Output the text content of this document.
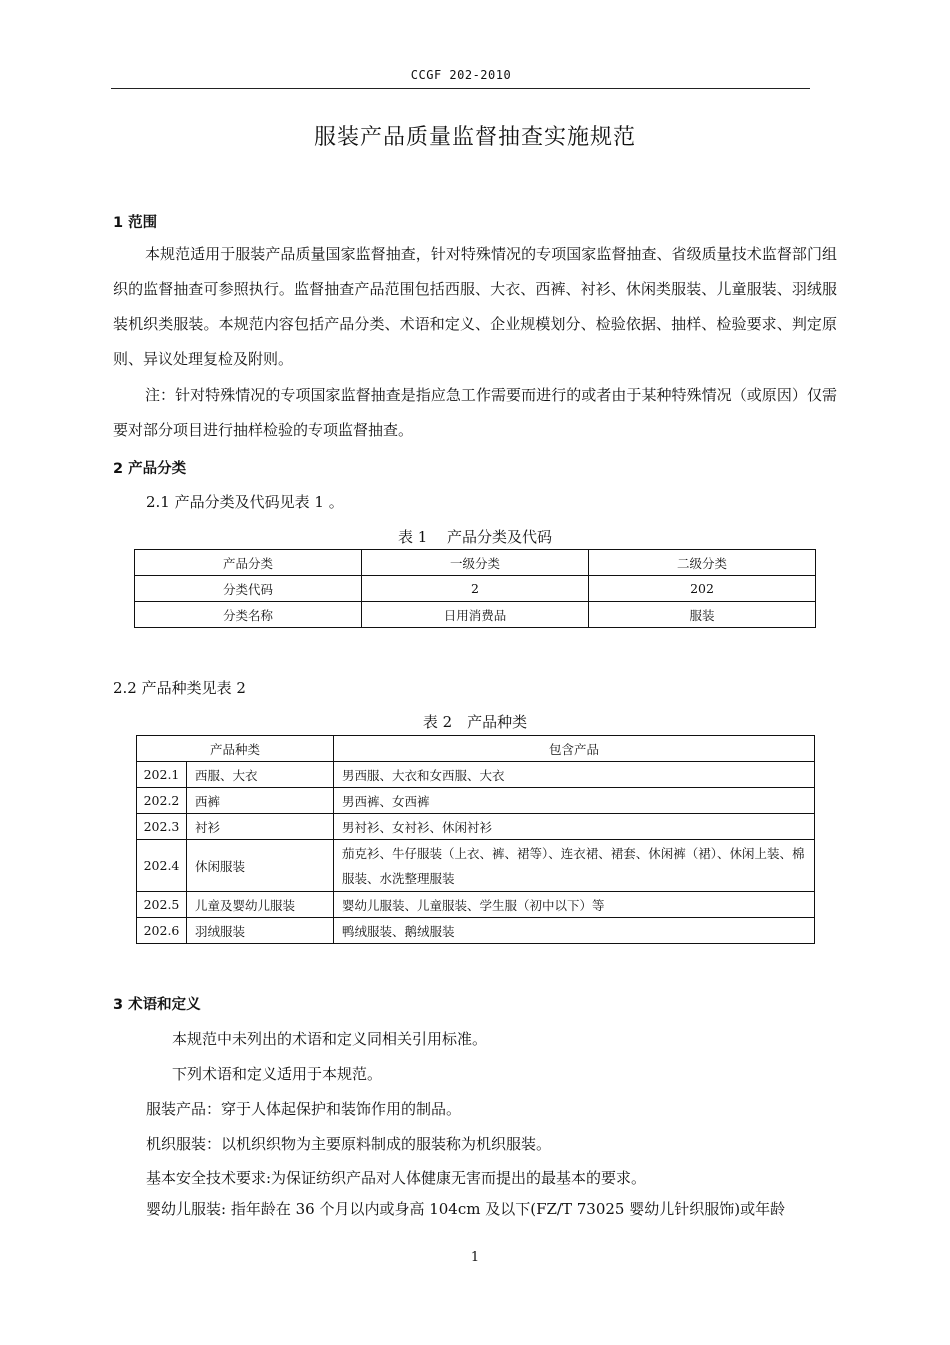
CCGF 202-2010
服装产品质量监督抽查实施规范
1 范围
本规范适用于服装产品质量国家监督抽查，针对特殊情况的专项国家监督抽查、省级质量技术监督部门组织的监督抽查可参照执行。监督抽查产品范围包括西服、大衣、西裤、衬衫、休闲类服装、儿童服装、羽绒服装机织类服装。本规范内容包括产品分类、术语和定义、企业规模划分、检验依据、抽样、检验要求、判定原则、异议处理复检及附则。
注：针对特殊情况的专项国家监督抽查是指应急工作需要而进行的或者由于某种特殊情况（或原因）仅需要对部分项目进行抽样检验的专项监督抽查。
2 产品分类
2.1 产品分类及代码见表 1 。
表 1　 产品分类及代码
产品分类	一级分类	二级分类
分类代码	2	202
分类名称	日用消费品	服装
2.2 产品种类见表 2
表 2　产品种类
产品种类		包含产品
202.1	西服、大衣	男西服、大衣和女西服、大衣
202.2	西裤	男西裤、女西裤
202.3	衬衫	男衬衫、女衬衫、休闲衬衫
202.4	休闲服装	茄克衫、牛仔服装（上衣、裤、裙等）、连衣裙、裙套、休闲裤（裙）、休闲上装、棉服装、水洗整理服装

202.5	儿童及婴幼儿服装	婴幼儿服装、儿童服装、学生服（初中以下）等
202.6	羽绒服装	鸭绒服装、鹅绒服装
3 术语和定义
本规范中未列出的术语和定义同相关引用标准。
下列术语和定义适用于本规范。
服装产品：穿于人体起保护和装饰作用的制品。
机织服装：以机织织物为主要原料制成的服装称为机织服装。
基本安全技术要求:为保证纺织产品对人体健康无害而提出的最基本的要求。
婴幼儿服装: 指年龄在 36 个月以内或身高 104cm 及以下(FZ/T 73025 婴幼儿针织服饰)或年龄
1
